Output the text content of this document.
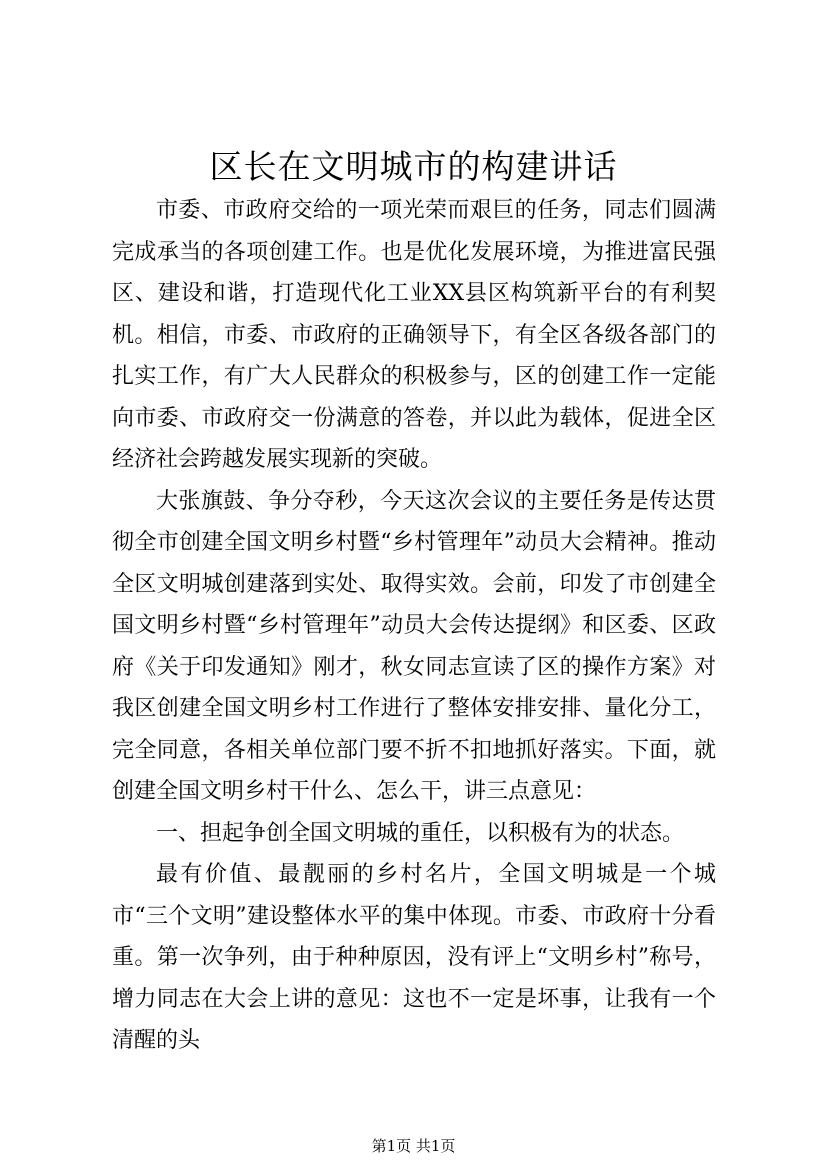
区长在文明城市的构建讲话

市委、市政府交给的一项光荣而艰巨的任务，同志们圆满完成承当的各项创建工作。也是优化发展环境，为推进富民强区、建设和谐，打造现代化工业XX县区构筑新平台的有利契机。相信，市委、市政府的正确领导下，有全区各级各部门的扎实工作，有广大人民群众的积极参与，区的创建工作一定能向市委、市政府交一份满意的答卷，并以此为载体，促进全区经济社会跨越发展实现新的突破。

大张旗鼓、争分夺秒，今天这次会议的主要任务是传达贯彻全市创建全国文明乡村暨“乡村管理年”动员大会精神。推动全区文明城创建落到实处、取得实效。会前，印发了市创建全国文明乡村暨“乡村管理年”动员大会传达提纲》和区委、区政府《关于印发通知》刚才，秋女同志宣读了区的操作方案》对我区创建全国文明乡村工作进行了整体安排安排、量化分工，完全同意，各相关单位部门要不折不扣地抓好落实。下面，就创建全国文明乡村干什么、怎么干，讲三点意见：

一、担起争创全国文明城的重任，以积极有为的状态。

最有价值、最靓丽的乡村名片，全国文明城是一个城市“三个文明”建设整体水平的集中体现。市委、市政府十分看重。第一次争列，由于种种原因，没有评上“文明乡村”称号，增力同志在大会上讲的意见：这也不一定是坏事，让我有一个清醒的头

第1页 共1页
